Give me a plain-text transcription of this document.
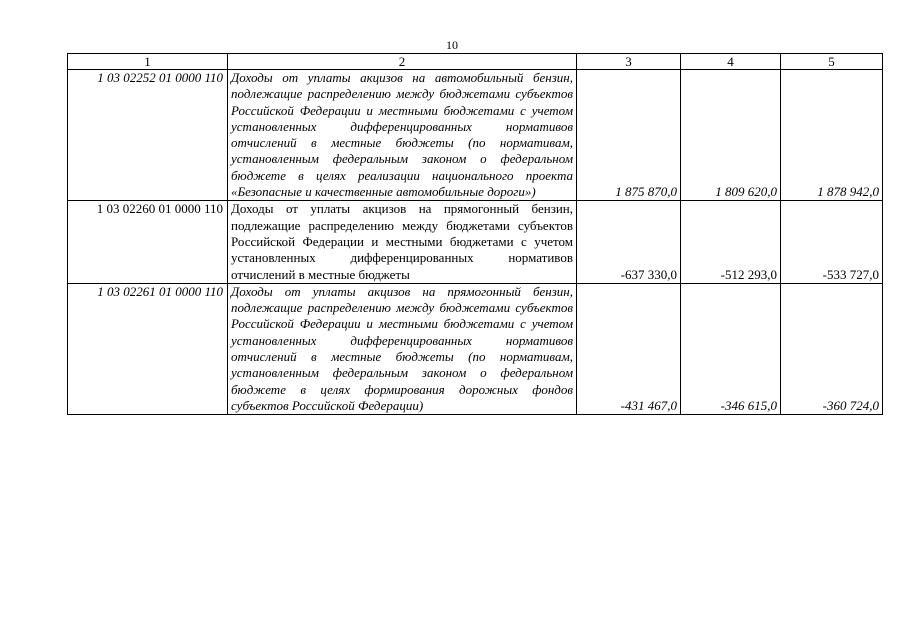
10
1	2	3	4	5
1 03 02252 01 0000 110	Доходы от уплаты акцизов на автомобильный бензин, подлежащие распределению между бюджетами субъектов Российской Федерации и местными бюджетами с учетом установленных дифференцированных нормативов отчислений в местные бюджеты (по нормативам, установленным федеральным законом о федеральном бюджете в целях реализации национального проекта «Безопасные и качественные автомобильные дороги»)	1 875 870,0	1 809 620,0	1 878 942,0
1 03 02260 01 0000 110	Доходы от уплаты акцизов на прямогонный бензин, подлежащие распределению между бюджетами субъектов Российской Федерации и местными бюджетами с учетом установленных дифференцированных нормативов отчислений в местные бюджеты	-637 330,0	-512 293,0	-533 727,0
1 03 02261 01 0000 110	Доходы от уплаты акцизов на прямогонный бензин, подлежащие распределению между бюджетами субъектов Российской Федерации и местными бюджетами с учетом установленных дифференцированных нормативов отчислений в местные бюджеты (по нормативам, установленным федеральным законом о федеральном бюджете в целях формирования дорожных фондов субъектов Российской Федерации)	-431 467,0	-346 615,0	-360 724,0
